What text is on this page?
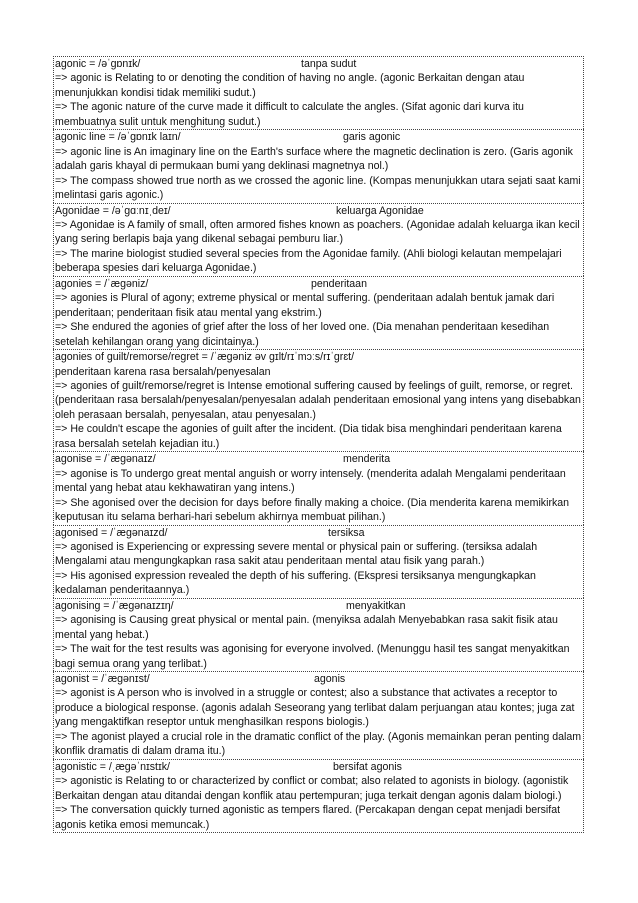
agonic = /əˈɡɒnɪk/	tanpa sudut
=> agonic is Relating to or denoting the condition of having no angle. (agonic Berkaitan dengan atau menunjukkan kondisi tidak memiliki sudut.)
=> The agonic nature of the curve made it difficult to calculate the angles. (Sifat agonic dari kurva itu membuatnya sulit untuk menghitung sudut.)
agonic line = /əˈɡɒnɪk laɪn/	garis agonic
=> agonic line is An imaginary line on the Earth's surface where the magnetic declination is zero. (Garis agonik adalah garis khayal di permukaan bumi yang deklinasi magnetnya nol.)
=> The compass showed true north as we crossed the agonic line. (Kompas menunjukkan utara sejati saat kami melintasi garis agonic.)
Agonidae = /əˈɡɑːnɪˌdeɪ/	keluarga Agonidae
=> Agonidae is A family of small, often armored fishes known as poachers. (Agonidae adalah keluarga ikan kecil yang sering berlapis baja yang dikenal sebagai pemburu liar.)
=> The marine biologist studied several species from the Agonidae family. (Ahli biologi kelautan mempelajari beberapa spesies dari keluarga Agonidae.)
agonies = /ˈæɡəniz/	penderitaan
=> agonies is Plural of agony; extreme physical or mental suffering. (penderitaan adalah bentuk jamak dari penderitaan; penderitaan fisik atau mental yang ekstrim.)
=> She endured the agonies of grief after the loss of her loved one. (Dia menahan penderitaan kesedihan setelah kehilangan orang yang dicintainya.)
agonies of guilt/remorse/regret = /ˈæɡəniz əv ɡɪlt/rɪˈmɔːs/rɪˈɡrɛt/
penderitaan karena rasa bersalah/penyesalan
=> agonies of guilt/remorse/regret is Intense emotional suffering caused by feelings of guilt, remorse, or regret. (penderitaan rasa bersalah/penyesalan/penyesalan adalah penderitaan emosional yang intens yang disebabkan oleh perasaan bersalah, penyesalan, atau penyesalan.)
=> He couldn't escape the agonies of guilt after the incident. (Dia tidak bisa menghindari penderitaan karena rasa bersalah setelah kejadian itu.)
agonise = /ˈæɡənaɪz/	menderita
=> agonise is To undergo great mental anguish or worry intensely. (menderita adalah Mengalami penderitaan mental yang hebat atau kekhawatiran yang intens.)
=> She agonised over the decision for days before finally making a choice. (Dia menderita karena memikirkan keputusan itu selama berhari-hari sebelum akhirnya membuat pilihan.)
agonised = /ˈæɡənaɪzd/	tersiksa
=> agonised is Experiencing or expressing severe mental or physical pain or suffering. (tersiksa adalah Mengalami atau mengungkapkan rasa sakit atau penderitaan mental atau fisik yang parah.)
=> His agonised expression revealed the depth of his suffering. (Ekspresi tersiksanya mengungkapkan kedalaman penderitaannya.)
agonising = /ˈæɡənaɪzɪŋ/	menyakitkan
=> agonising is Causing great physical or mental pain. (menyiksa adalah Menyebabkan rasa sakit fisik atau mental yang hebat.)
=> The wait for the test results was agonising for everyone involved. (Menunggu hasil tes sangat menyakitkan bagi semua orang yang terlibat.)
agonist = /ˈæɡənɪst/	agonis
=> agonist is A person who is involved in a struggle or contest; also a substance that activates a receptor to produce a biological response. (agonis adalah Seseorang yang terlibat dalam perjuangan atau kontes; juga zat yang mengaktifkan reseptor untuk menghasilkan respons biologis.)
=> The agonist played a crucial role in the dramatic conflict of the play. (Agonis memainkan peran penting dalam konflik dramatis di dalam drama itu.)
agonistic = /ˌæɡəˈnɪstɪk/	bersifat agonis
=> agonistic is Relating to or characterized by conflict or combat; also related to agonists in biology. (agonistik Berkaitan dengan atau ditandai dengan konflik atau pertempuran; juga terkait dengan agonis dalam biologi.)
=> The conversation quickly turned agonistic as tempers flared. (Percakapan dengan cepat menjadi bersifat agonis ketika emosi memuncak.)
